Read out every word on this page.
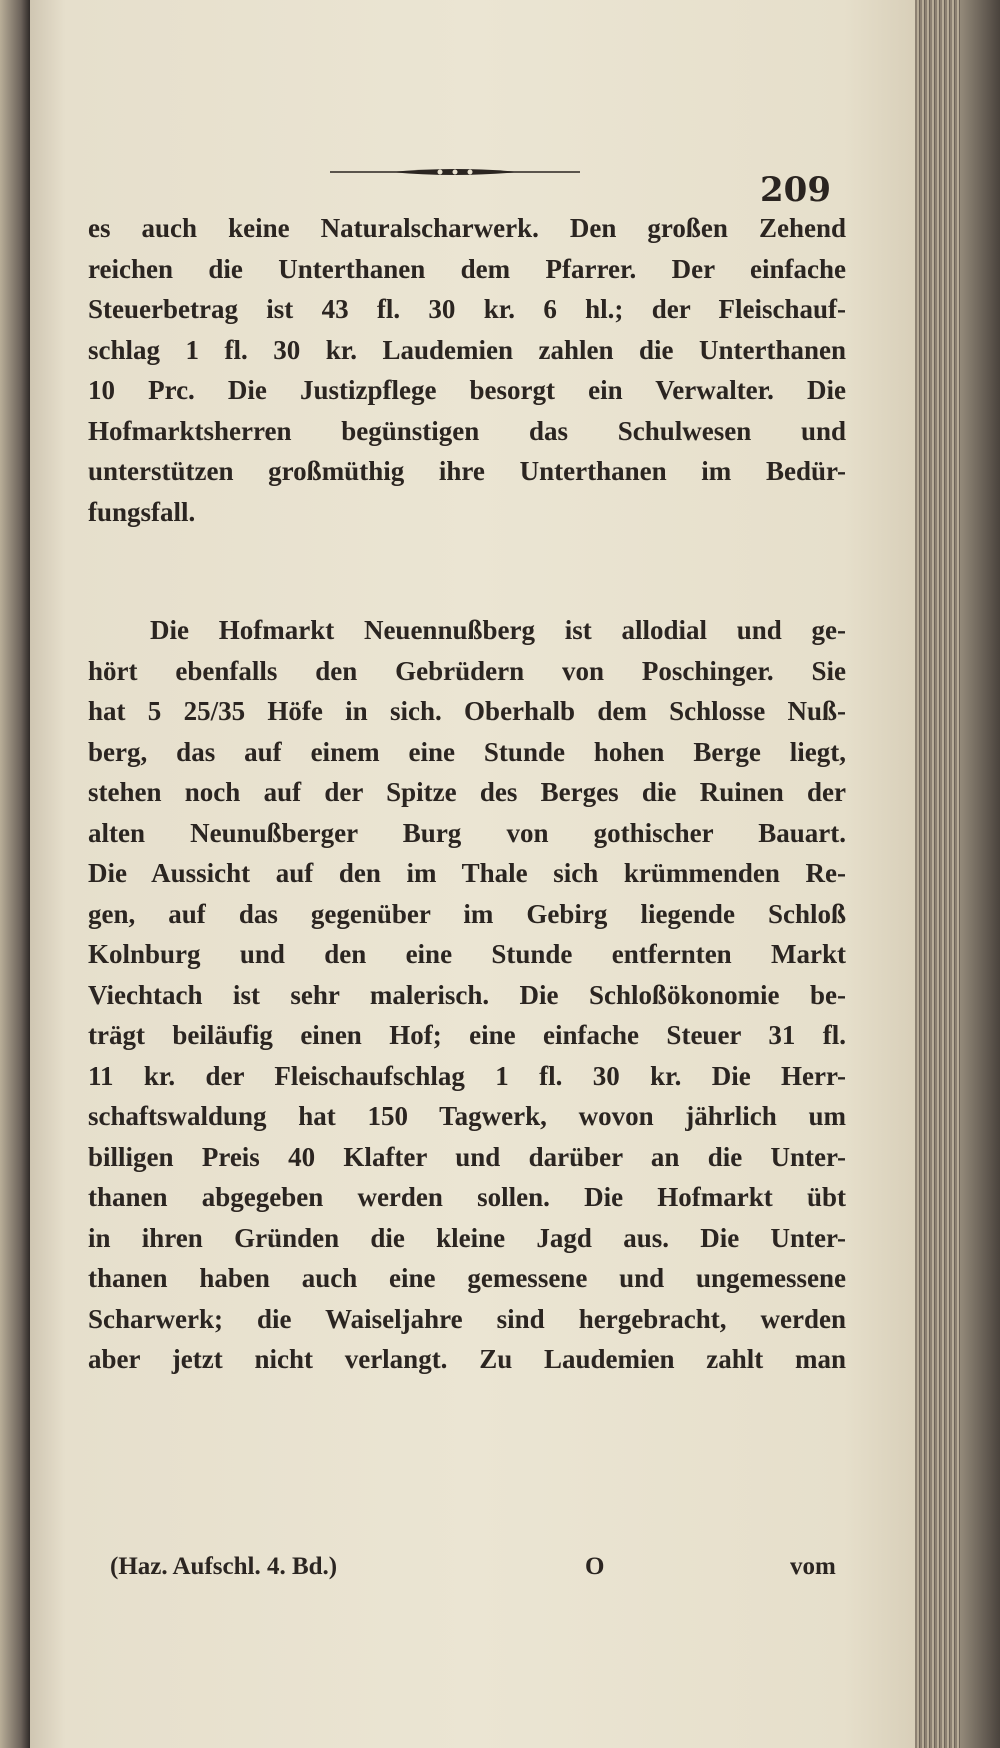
209
es auch keine Naturalscharwerk. Den großen Zehend
reichen die Unterthanen dem Pfarrer. Der einfache
Steuerbetrag ist 43 fl. 30 kr. 6 hl.; der Fleischauf-
schlag 1 fl. 30 kr. Laudemien zahlen die Unterthanen
10 Prc. Die Justizpflege besorgt ein Verwalter. Die
Hofmarktsherren begünstigen das Schulwesen und
unterstützen großmüthig ihre Unterthanen im Bedür-
fungsfall.
Die Hofmarkt Neuennußberg ist allodial und ge-
hört ebenfalls den Gebrüdern von Poschinger. Sie
hat 5 25/35 Höfe in sich. Oberhalb dem Schlosse Nuß-
berg, das auf einem eine Stunde hohen Berge liegt,
stehen noch auf der Spitze des Berges die Ruinen der
alten Neunußberger Burg von gothischer Bauart.
Die Aussicht auf den im Thale sich krümmenden Re-
gen, auf das gegenüber im Gebirg liegende Schloß
Kolnburg und den eine Stunde entfernten Markt
Viechtach ist sehr malerisch. Die Schloßökonomie be-
trägt beiläufig einen Hof; eine einfache Steuer 31 fl.
11 kr. der Fleischaufschlag 1 fl. 30 kr. Die Herr-
schaftswaldung hat 150 Tagwerk, wovon jährlich um
billigen Preis 40 Klafter und darüber an die Unter-
thanen abgegeben werden sollen. Die Hofmarkt übt
in ihren Gründen die kleine Jagd aus. Die Unter-
thanen haben auch eine gemessene und ungemessene
Scharwerk; die Waiseljahre sind hergebracht, werden
aber jetzt nicht verlangt. Zu Laudemien zahlt man
(Haz. Aufschl. 4. Bd.)	O	vom
